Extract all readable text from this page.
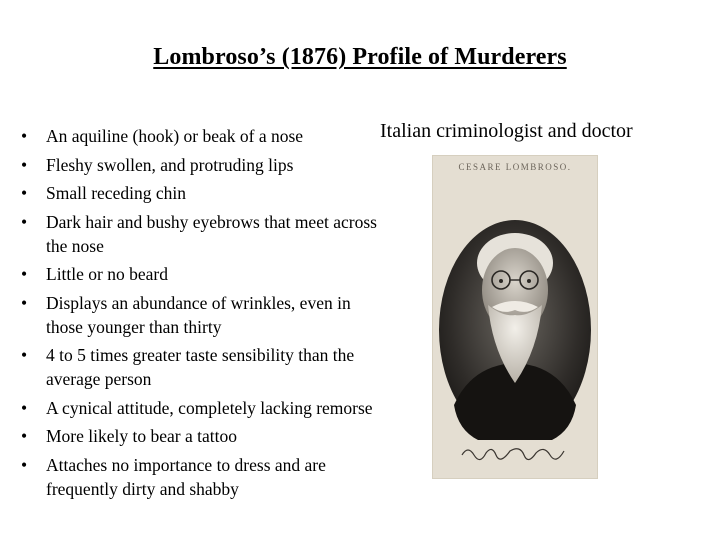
Lombroso’s (1876) Profile of Murderers
• An aquiline (hook) or beak of a nose
• Fleshy swollen, and protruding lips
• Small receding chin
• Dark hair and bushy eyebrows that meet across the nose
• Little or no beard
• Displays an abundance of wrinkles, even in those younger than thirty
• 4 to 5 times greater taste sensibility than the average person
• A cynical attitude, completely lacking remorse
• More likely to bear a tattoo
• Attaches no importance to dress and are frequently dirty and shabby
Italian criminologist and doctor
CESARE LOMBROSO.
